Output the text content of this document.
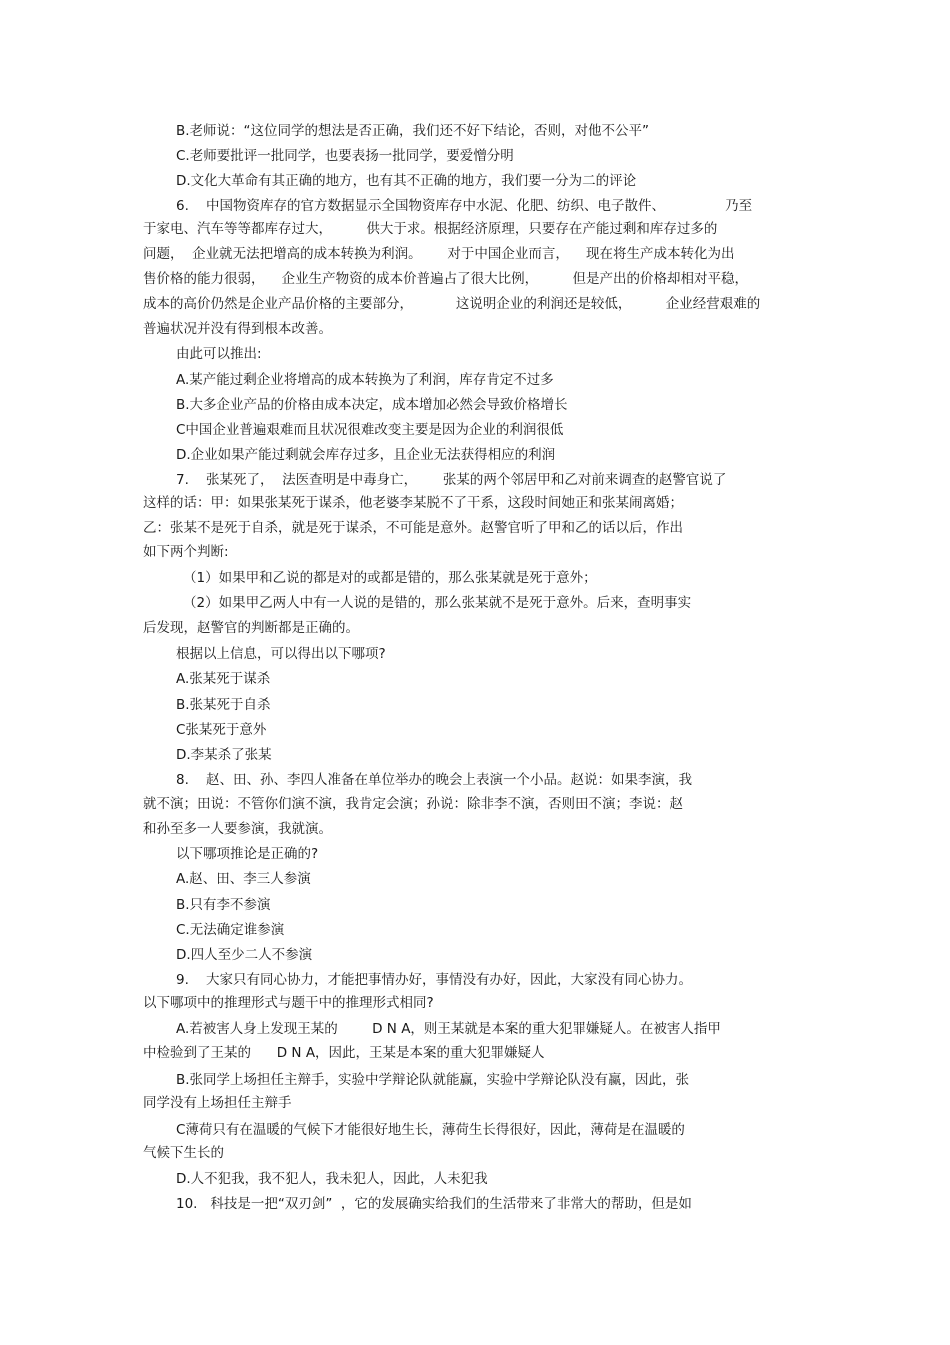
B.老师说：“这位同学的想法是否正确，我们还不好下结论，否则，对他不公平”
C.老师要批评一批同学，也要表扬一批同学，要爱憎分明
D.文化大革命有其正确的地方，也有其不正确的地方，我们要一分为二的评论
6.    中国物资库存的官方数据显示全国物资库存中水泥、化肥、纺织、电子散件、              乃至
于家电、汽车等等都库存过大，        供大于求。根据经济原理，只要存在产能过剩和库存过多的
问题，  企业就无法把增高的成本转换为利润。      对于中国企业而言，    现在将生产成本转化为出
售价格的能力很弱，    企业生产物资的成本价普遍占了很大比例，        但是产出的价格却相对平稳，
成本的高价仍然是企业产品价格的主要部分，          这说明企业的利润还是较低，        企业经营艰难的
普遍状况并没有得到根本改善。
由此可以推出:
A.某产能过剩企业将增高的成本转换为了利润，库存肯定不过多
B.大多企业产品的价格由成本决定，成本增加必然会导致价格增长
C中国企业普遍艰难而且状况很难改变主要是因为企业的利润很低
D.企业如果产能过剩就会库存过多，且企业无法获得相应的利润
7.    张某死了，  法医查明是中毒身亡，      张某的两个邻居甲和乙对前来调查的赵警官说了
这样的话：甲：如果张某死于谋杀，他老婆李某脱不了干系，这段时间她正和张某闹离婚；
乙：张某不是死于自杀，就是死于谋杀，不可能是意外。赵警官听了甲和乙的话以后，作出
如下两个判断:
（1）如果甲和乙说的都是对的或都是错的，那么张某就是死于意外；
（2）如果甲乙两人中有一人说的是错的，那么张某就不是死于意外。后来，查明事实
后发现，赵警官的判断都是正确的。
根据以上信息，可以得出以下哪项?
A.张某死于谋杀
B.张某死于自杀
C张某死于意外
D.李某杀了张某
8.    赵、田、孙、李四人准备在单位举办的晚会上表演一个小品。赵说：如果李演，我
就不演；田说：不管你们演不演，我肯定会演；孙说：除非李不演，否则田不演；李说：赵
和孙至多一人要参演，我就演。
以下哪项推论是正确的?
A.赵、田、李三人参演
B.只有李不参演
C.无法确定谁参演
D.四人至少二人不参演
9.    大家只有同心协力，才能把事情办好，事情没有办好，因此，大家没有同心协力。
以下哪项中的推理形式与题干中的推理形式相同?
A.若被害人身上发现王某的        D N A，则王某就是本案的重大犯罪嫌疑人。在被害人指甲
中检验到了王某的      D N A，因此，王某是本案的重大犯罪嫌疑人
B.张同学上场担任主辩手，实验中学辩论队就能赢，实验中学辩论队没有赢，因此，张
同学没有上场担任主辩手
C薄荷只有在温暖的气候下才能很好地生长，薄荷生长得很好，因此，薄荷是在温暖的
气候下生长的
D.人不犯我，我不犯人，我未犯人，因此，人未犯我
10.   科技是一把“双刃剑”  ，它的发展确实给我们的生活带来了非常大的帮助，但是如
